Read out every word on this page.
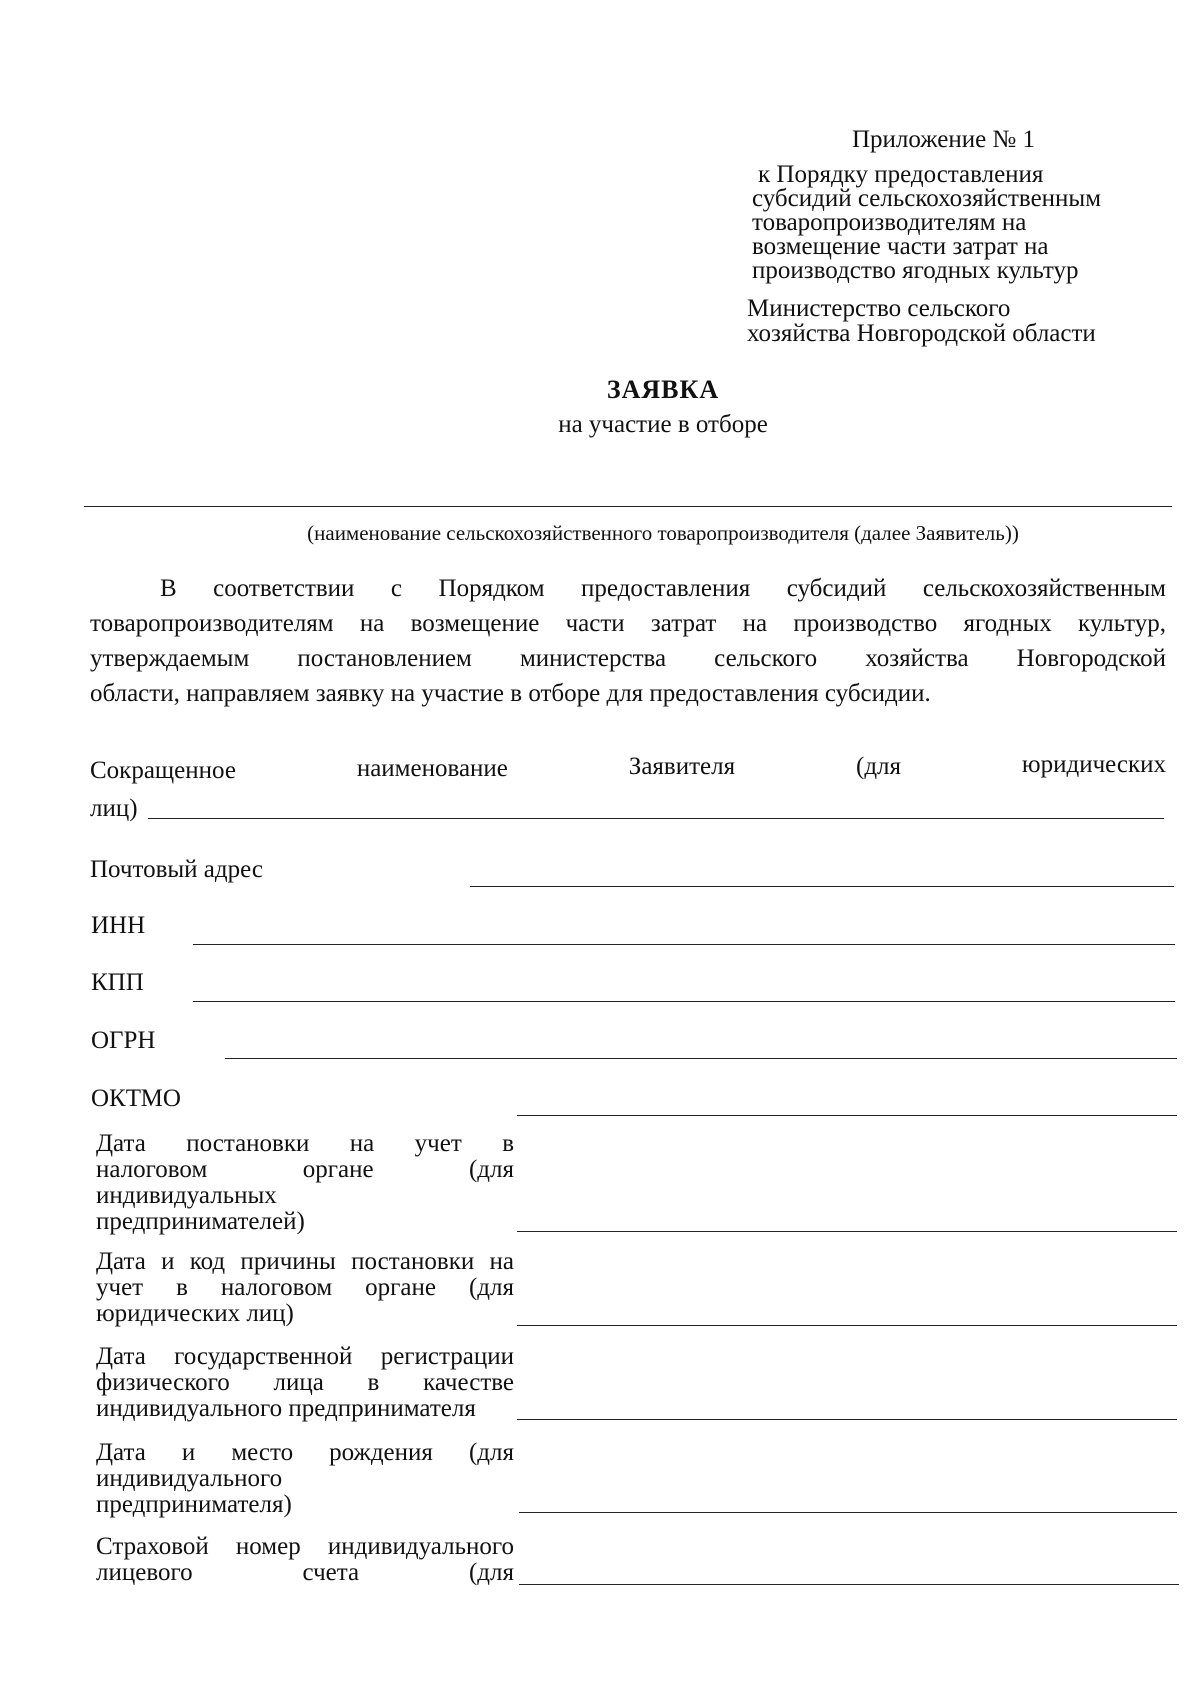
Приложение № 1
к Порядку предоставления
субсидий сельскохозяйственным
товаропроизводителям на
возмещение части затрат на
производство ягодных культур
Министерство сельского
хозяйства Новгородской области
ЗАЯВКА
на участие в отборе
(наименование сельскохозяйственного товаропроизводителя (далее Заявитель))
В соответствии с Порядком предоставления субсидий сельскохозяйственным
товаропроизводителям на возмещение части затрат на производство ягодных культур,
утверждаемым постановлением министерства сельского хозяйства Новгородской
области, направляем заявку на участие в отборе для предоставления субсидии.
Сокращенное	наименование	Заявителя	(для	юридических
лиц)
Почтовый адрес
ИНН
КПП
ОГРН
ОКТМО
Дата постановки на учет в
налоговом органе (для
индивидуальных
предпринимателей)
Дата и код причины постановки на
учет в налоговом органе (для
юридических лиц)
Дата государственной регистрации
физического лица в качестве
индивидуального предпринимателя
Дата и место рождения (для
индивидуального
предпринимателя)
Страховой номер индивидуального
лицевого счета (для
